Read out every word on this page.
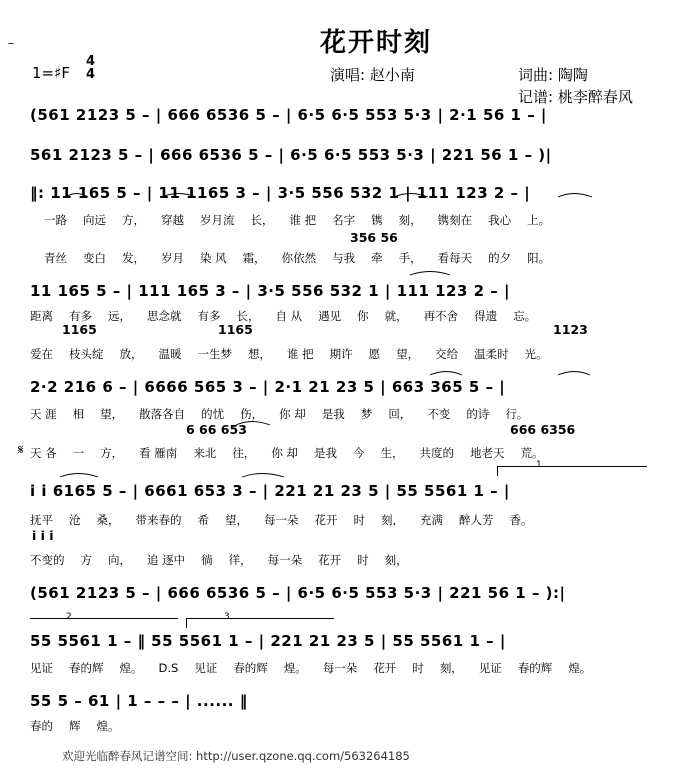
–	花开时刻
1=♯F
4
4	演唱: 赵小南	词曲: 陶陶
记谱: 桃李醉春风
(561 2123 5 – | 666 6536 5 – | 6·5 6·5 553 5·3 | 2·1 56 1 – |
561 2123 5 – | 666 6536 5 – | 6·5 6·5 553 5·3 | 221 56 1 – )|
‖: 11 165 5 – | 11 1165 3 – | 3·5 556 532 1 | 111 123 2 – |
一路 向远 方， 穿越 岁月流 长， 谁 把 名字 镌 刻， 镌刻在 我心 上。
356 56
青丝 变白 发， 岁月 染 风 霜， 你依然 与我 牵 手， 看每天 的夕 阳。
11 165 5 – | 111 165 3 – | 3·5 556 532 1 | 111 123 2 – |
距离 有多 远， 思念就 有多 长， 自 从 遇见 你 就， 再不舍 得遗 忘。
1165	1165	1123
爱在 枝头绽 放， 温暖 一生梦 想， 谁 把 期许 愿 望， 交给 温柔时 光。
2·2 216 6 – | 6666 565 3 – | 2·1 21 23 5 | 663 365 5 – |
天 涯 相 望， 散落各自 的忧 伤， 你 却 是我 梦 回， 不变 的诗 行。
6 66 653	666 6356
𝄋 天 各 一 方， 看 雁南 来北 往， 你 却 是我 今 生， 共度的 地老天 荒。
1
i i 6165 5 – | 6661 653 3 – | 221 21 23 5 | 55 5561 1 – |
抚平 沧 桑， 带来春的 希 望， 每一朵 花开 时 刻， 充满 醉人芳 香。
i i i
不变的 方 向， 追 逐中 徜 徉， 每一朵 花开 时 刻，
(561 2123 5 – | 666 6536 5 – | 6·5 6·5 553 5·3 | 221 56 1 – ):|
2	3
55 5561 1 – ‖ 55 5561 1 – | 221 21 23 5 | 55 5561 1 – |
见证 春的辉 煌。 D.S 见证 春的辉 煌。 每一朵 花开 时 刻， 见证 春的辉 煌。
55 5 – 61 | 1 – – – | ...... ‖
春的 辉 煌。
欢迎光临醉春风记谱空间: http://user.qzone.qq.com/563264185
